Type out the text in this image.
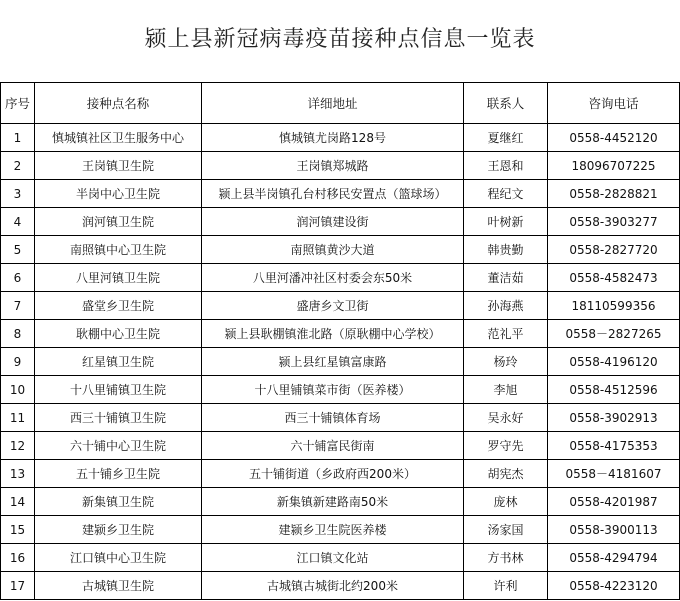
颍上县新冠病毒疫苗接种点信息一览表
序号	接种点名称	详细地址	联系人	咨询电话
1	慎城镇社区卫生服务中心	慎城镇尤岗路128号	夏继红	0558-4452120
2	王岗镇卫生院	王岗镇郑城路	王恩和	18096707225
3	半岗中心卫生院	颍上县半岗镇孔台村移民安置点（篮球场）	程纪文	0558-2828821
4	润河镇卫生院	润河镇建设街	叶树新	0558-3903277
5	南照镇中心卫生院	南照镇黄沙大道	韩贵勤	0558-2827720
6	八里河镇卫生院	八里河潘冲社区村委会东50米	董洁茹	0558-4582473
7	盛堂乡卫生院	盛唐乡文卫街	孙海燕	18110599356
8	耿棚中心卫生院	颍上县耿棚镇淮北路（原耿棚中心学校）	范礼平	0558－2827265
9	红星镇卫生院	颍上县红星镇富康路	杨玲	0558-4196120
10	十八里铺镇卫生院	十八里铺镇菜市街（医养楼）	李旭	0558-4512596
11	西三十铺镇卫生院	西三十铺镇体育场	吴永好	0558-3902913
12	六十铺中心卫生院	六十铺富民街南	罗守先	0558-4175353
13	五十铺乡卫生院	五十铺街道（乡政府西200米）	胡宪杰	0558－4181607
14	新集镇卫生院	新集镇新建路南50米	庞林	0558-4201987
15	建颍乡卫生院	建颍乡卫生院医养楼	汤家国	0558-3900113
16	江口镇中心卫生院	江口镇文化站	方书林	0558-4294794
17	古城镇卫生院	古城镇古城街北约200米	许利	0558-4223120
